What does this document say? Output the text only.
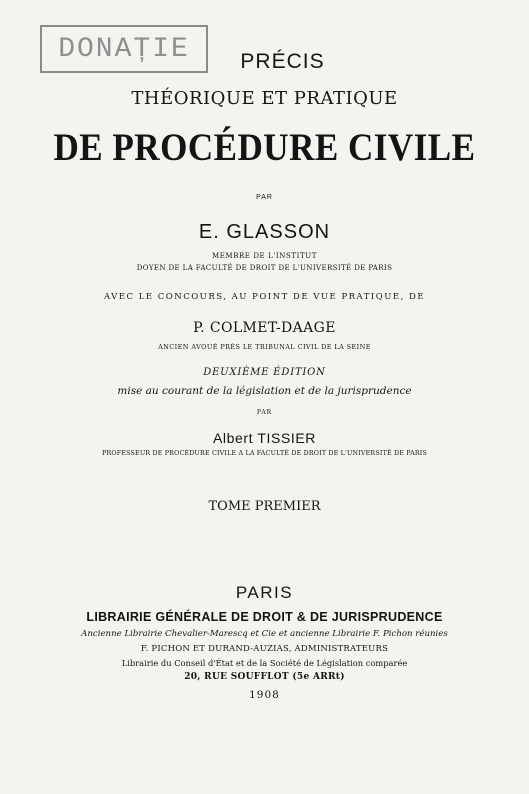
DONAȚIE	PRÉCIS
THÉORIQUE ET PRATIQUE
DE PROCÉDURE CIVILE
PAR
E. GLASSON
MEMBRE DE L'INSTITUT
DOYEN DE LA FACULTÉ DE DROIT DE L'UNIVERSITÉ DE PARIS
AVEC LE CONCOURS, AU POINT DE VUE PRATIQUE, DE
P. COLMET-DAAGE
ANCIEN AVOUÉ PRÈS LE TRIBUNAL CIVIL DE LA SEINE
DEUXIÈME ÉDITION
mise au courant de la législation et de la jurisprudence
PAR
Albert TISSIER
PROFESSEUR DE PROCÉDURE CIVILE A LA FACULTÉ DE DROIT DE L'UNIVERSITÉ DE PARIS
TOME PREMIER
PARIS
LIBRAIRIE GÉNÉRALE DE DROIT & DE JURISPRUDENCE
Ancienne Librairie Chevalier-Marescq et Cie et ancienne Librairie F. Pichon réunies
F. PICHON ET DURAND-AUZIAS, ADMINISTRATEURS
Librairie du Conseil d'État et de la Société de Législation comparée
20, RUE SOUFFLOT (5e ARRt)
1908
